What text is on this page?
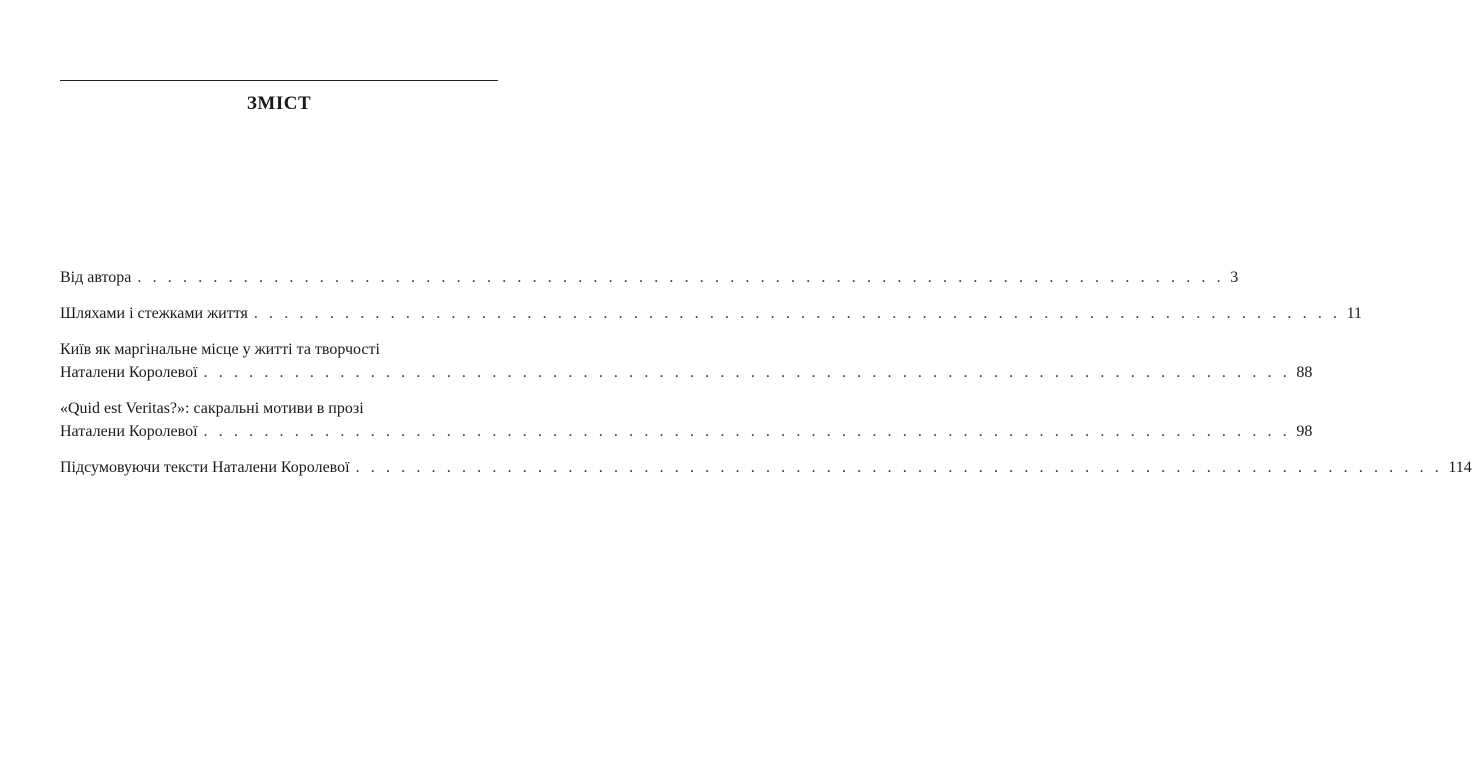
ЗМІСТ
Від автора . . . . . . . . . . . . . . . . . . . . . . . . . . . . . . . . . . . . . . . . . . . . . . . . . . . . . . . . . . . . . . . . . . . . . . . . 3
Шляхами і стежками життя . . . . . . . . . . . . . . . . . . . . . . . . . . . . . . . . . . . . . . . . . . . . . . . . . . . . . . . . . . . . . . . . . . . . . . . . 11
Київ як маргінальне місце у житті та творчості
Наталени Королевої . . . . . . . . . . . . . . . . . . . . . . . . . . . . . . . . . . . . . . . . . . . . . . . . . . . . . . . . . . . . . . . . . . . . . . . . 88
«Quid est Veritas?»: сакральні мотиви в прозі
Наталени Королевої . . . . . . . . . . . . . . . . . . . . . . . . . . . . . . . . . . . . . . . . . . . . . . . . . . . . . . . . . . . . . . . . . . . . . . . . 98
Підсумовуючи тексти Наталени Королевої . . . . . . . . . . . . . . . . . . . . . . . . . . . . . . . . . . . . . . . . . . . . . . . . . . . . . . . . . . . . . . . . . . . . . . . . 114
